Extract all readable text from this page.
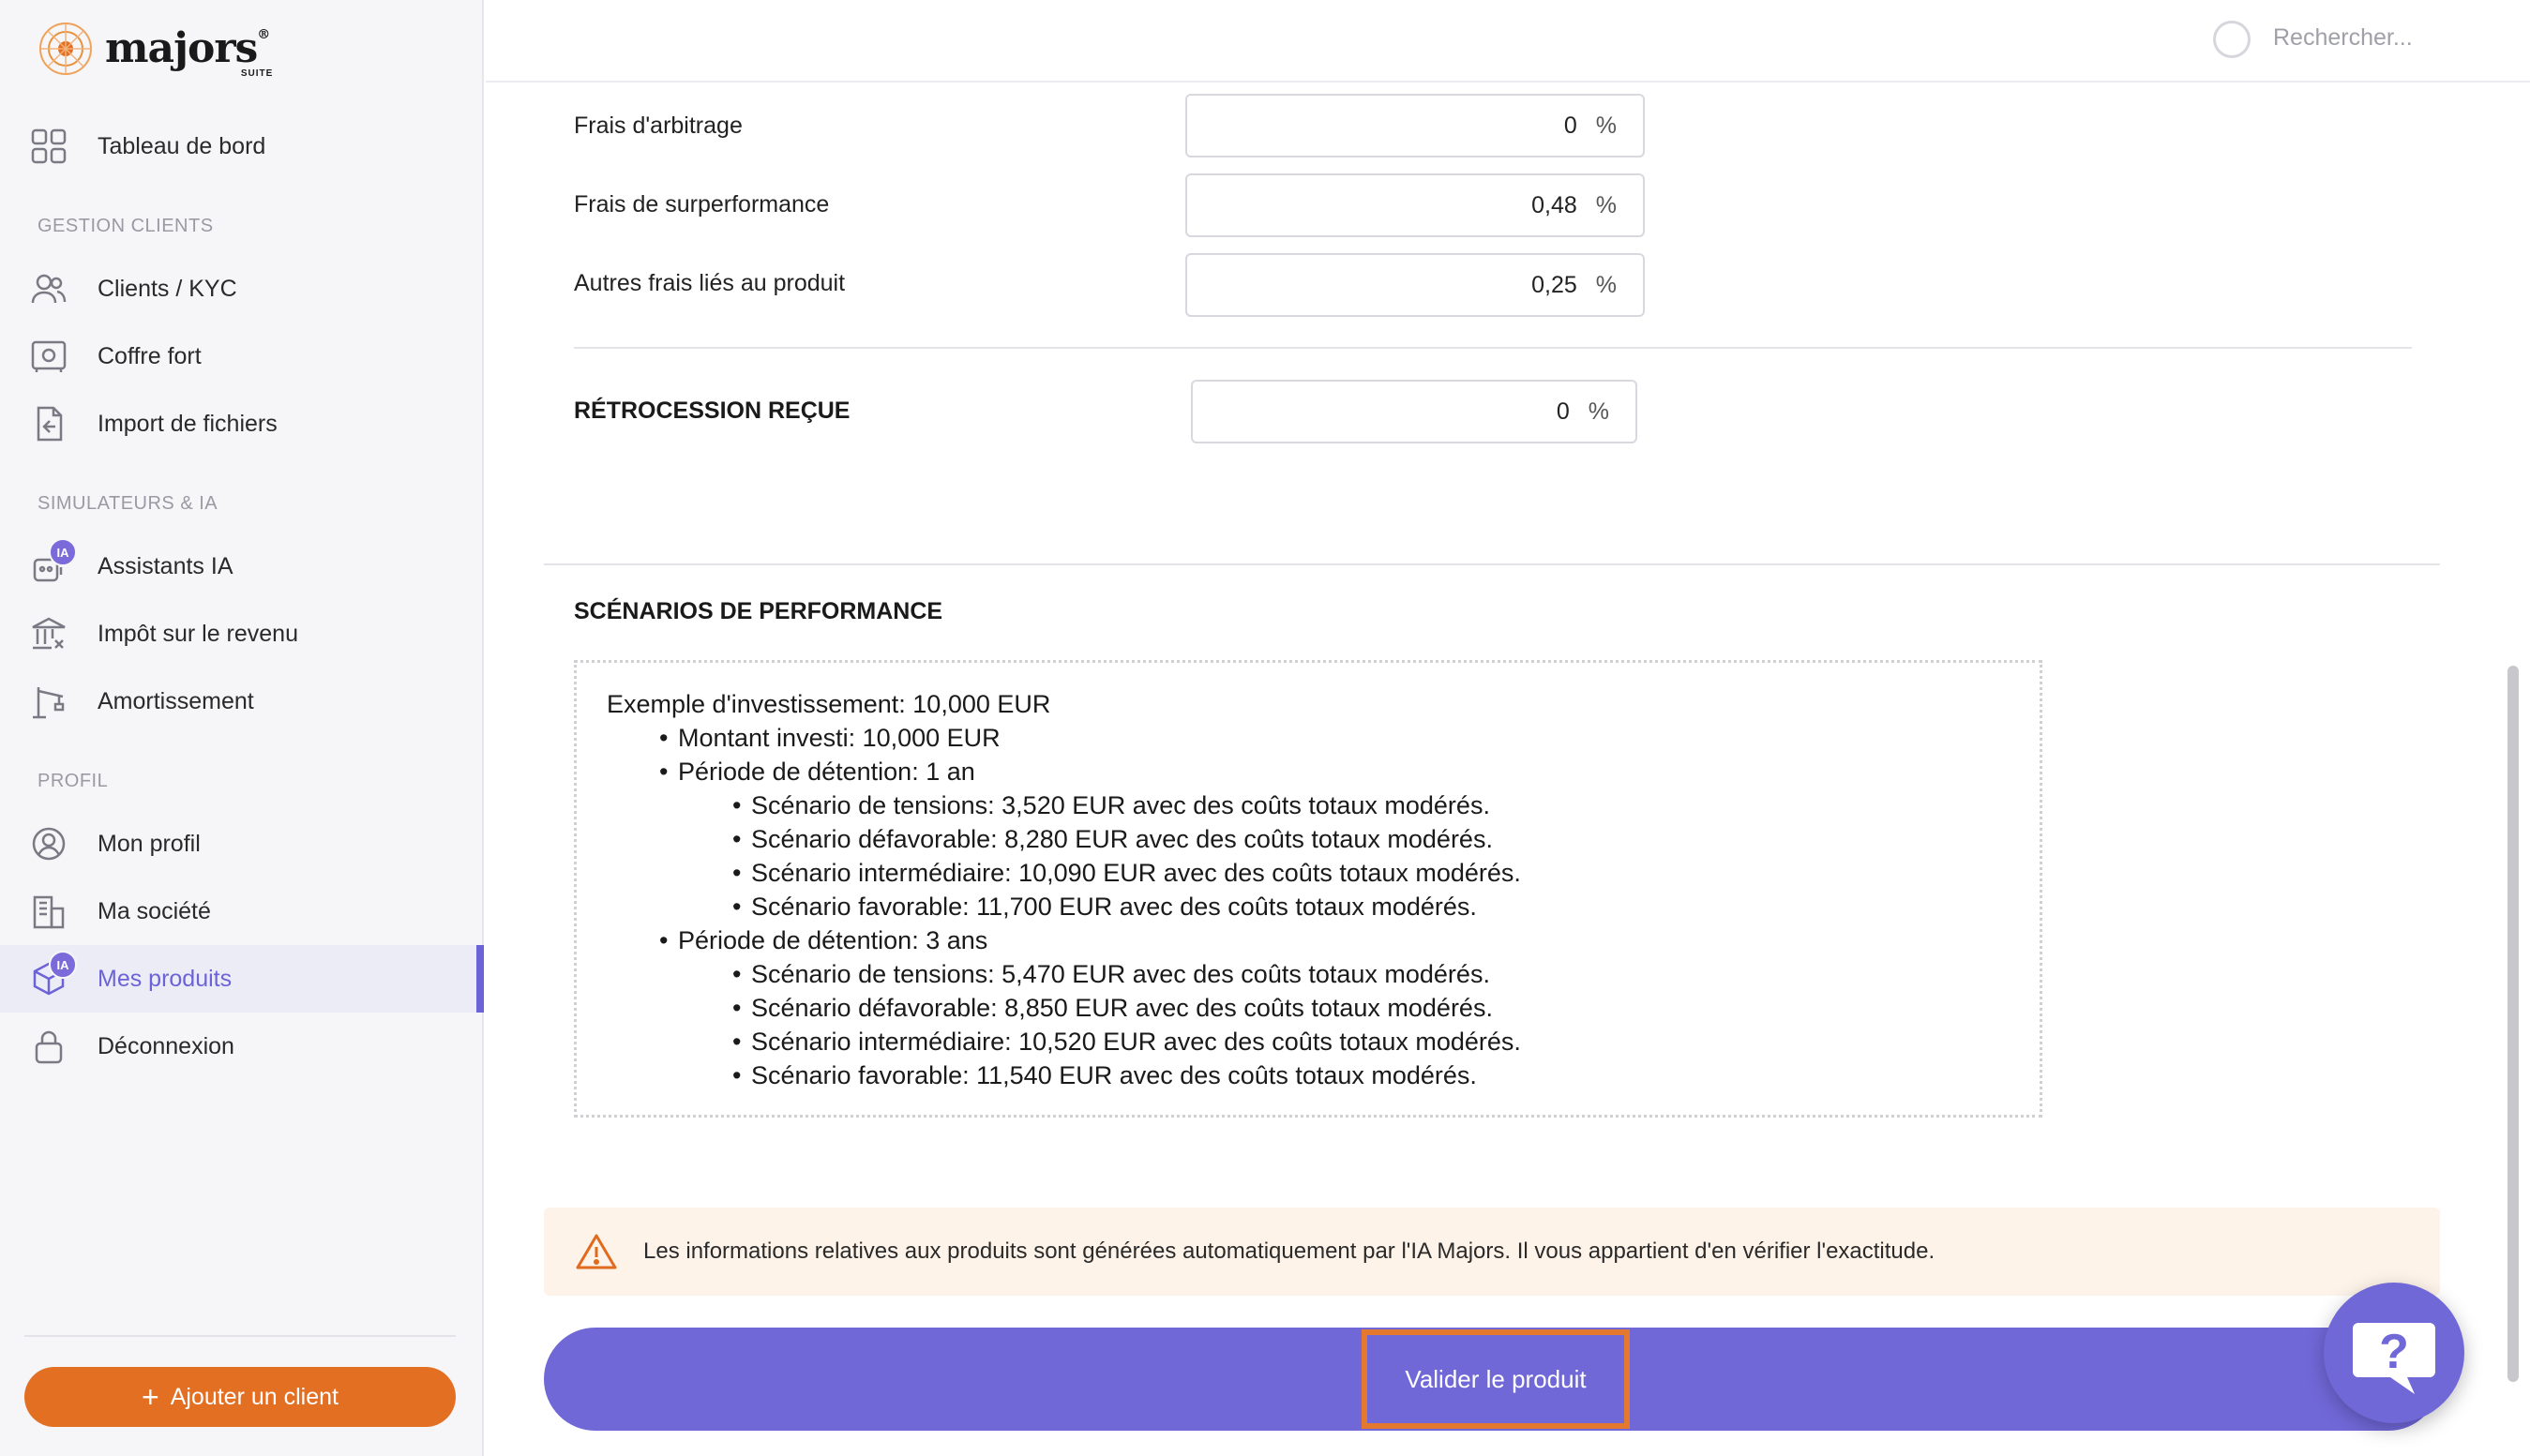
majors®
SUITE
Tableau de bord
GESTION CLIENTS
Clients / KYC
Coffre fort
Import de fichiers
SIMULATEURS & IA
IA
Assistants IA
Impôt sur le revenu
Amortissement
PROFIL
Mon profil
Ma société
IA
Mes produits
Déconnexion
+ Ajouter un client
Rechercher...
Frais d'arbitrage	0 %
Frais de surperformance	0,48 %
Autres frais liés au produit	0,25 %
RÉTROCESSION REÇUE	0 %
SCÉNARIOS DE PERFORMANCE
Exemple d'investissement: 10,000 EUR
• Montant investi: 10,000 EUR
• Période de détention: 1 an
• Scénario de tensions: 3,520 EUR avec des coûts totaux modérés.
• Scénario défavorable: 8,280 EUR avec des coûts totaux modérés.
• Scénario intermédiaire: 10,090 EUR avec des coûts totaux modérés.
• Scénario favorable: 11,700 EUR avec des coûts totaux modérés.
• Période de détention: 3 ans
• Scénario de tensions: 5,470 EUR avec des coûts totaux modérés.
• Scénario défavorable: 8,850 EUR avec des coûts totaux modérés.
• Scénario intermédiaire: 10,520 EUR avec des coûts totaux modérés.
• Scénario favorable: 11,540 EUR avec des coûts totaux modérés.
Les informations relatives aux produits sont générées automatiquement par l'IA Majors. Il vous appartient d'en vérifier l'exactitude.
Valider le produit	?
